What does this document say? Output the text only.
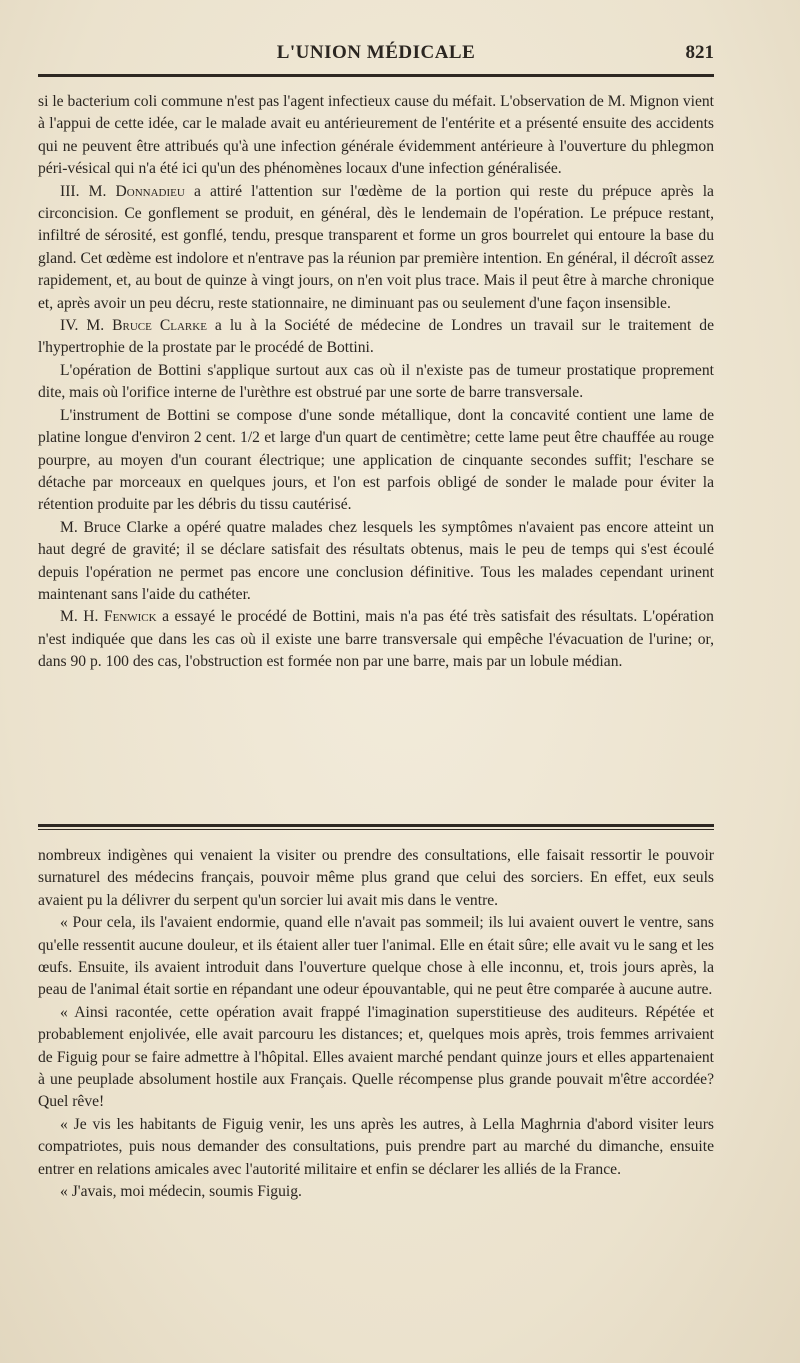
L'UNION MÉDICALE	821

si le bacterium coli commune n'est pas l'agent infectieux cause du méfait. L'observation de M. Mignon vient à l'appui de cette idée, car le malade avait eu antérieurement de l'entérite et a présenté ensuite des accidents qui ne peuvent être attribués qu'à une infection générale évidemment antérieure à l'ouverture du phlegmon péri-vésical qui n'a été ici qu'un des phénomènes locaux d'une infection généralisée.

III. M. Donnadieu a attiré l'attention sur l'œdème de la portion qui reste du prépuce après la circoncision. Ce gonflement se produit, en général, dès le lendemain de l'opération. Le prépuce restant, infiltré de sérosité, est gonflé, tendu, presque transparent et forme un gros bourrelet qui entoure la base du gland. Cet œdème est indolore et n'entrave pas la réunion par première intention. En général, il décroît assez rapidement, et, au bout de quinze à vingt jours, on n'en voit plus trace. Mais il peut être à marche chronique et, après avoir un peu décru, reste stationnaire, ne diminuant pas ou seulement d'une façon insensible.

IV. M. Bruce Clarke a lu à la Société de médecine de Londres un travail sur le traitement de l'hypertrophie de la prostate par le procédé de Bottini.

L'opération de Bottini s'applique surtout aux cas où il n'existe pas de tumeur prostatique proprement dite, mais où l'orifice interne de l'urèthre est obstrué par une sorte de barre transversale.

L'instrument de Bottini se compose d'une sonde métallique, dont la concavité contient une lame de platine longue d'environ 2 cent. 1/2 et large d'un quart de centimètre; cette lame peut être chauffée au rouge pourpre, au moyen d'un courant électrique; une application de cinquante secondes suffit; l'eschare se détache par morceaux en quelques jours, et l'on est parfois obligé de sonder le malade pour éviter la rétention produite par les débris du tissu cautérisé.

M. Bruce Clarke a opéré quatre malades chez lesquels les symptômes n'avaient pas encore atteint un haut degré de gravité; il se déclare satisfait des résultats obtenus, mais le peu de temps qui s'est écoulé depuis l'opération ne permet pas encore une conclusion définitive. Tous les malades cependant urinent maintenant sans l'aide du cathéter.

M. H. Fenwick a essayé le procédé de Bottini, mais n'a pas été très satisfait des résultats. L'opération n'est indiquée que dans les cas où il existe une barre transversale qui empêche l'évacuation de l'urine; or, dans 90 p. 100 des cas, l'obstruction est formée non par une barre, mais par un lobule médian.

nombreux indigènes qui venaient la visiter ou prendre des consultations, elle faisait ressortir le pouvoir surnaturel des médecins français, pouvoir même plus grand que celui des sorciers. En effet, eux seuls avaient pu la délivrer du serpent qu'un sorcier lui avait mis dans le ventre.

« Pour cela, ils l'avaient endormie, quand elle n'avait pas sommeil; ils lui avaient ouvert le ventre, sans qu'elle ressentit aucune douleur, et ils étaient aller tuer l'animal. Elle en était sûre; elle avait vu le sang et les œufs. Ensuite, ils avaient introduit dans l'ouverture quelque chose à elle inconnu, et, trois jours après, la peau de l'animal était sortie en répandant une odeur épouvantable, qui ne peut être comparée à aucune autre.

« Ainsi racontée, cette opération avait frappé l'imagination superstitieuse des auditeurs. Répétée et probablement enjolivée, elle avait parcouru les distances; et, quelques mois après, trois femmes arrivaient de Figuig pour se faire admettre à l'hôpital. Elles avaient marché pendant quinze jours et elles appartenaient à une peuplade absolument hostile aux Français. Quelle récompense plus grande pouvait m'être accordée? Quel rêve!

« Je vis les habitants de Figuig venir, les uns après les autres, à Lella Maghrnia d'abord visiter leurs compatriotes, puis nous demander des consultations, puis prendre part au marché du dimanche, ensuite entrer en relations amicales avec l'autorité militaire et enfin se déclarer les alliés de la France.

« J'avais, moi médecin, soumis Figuig.
